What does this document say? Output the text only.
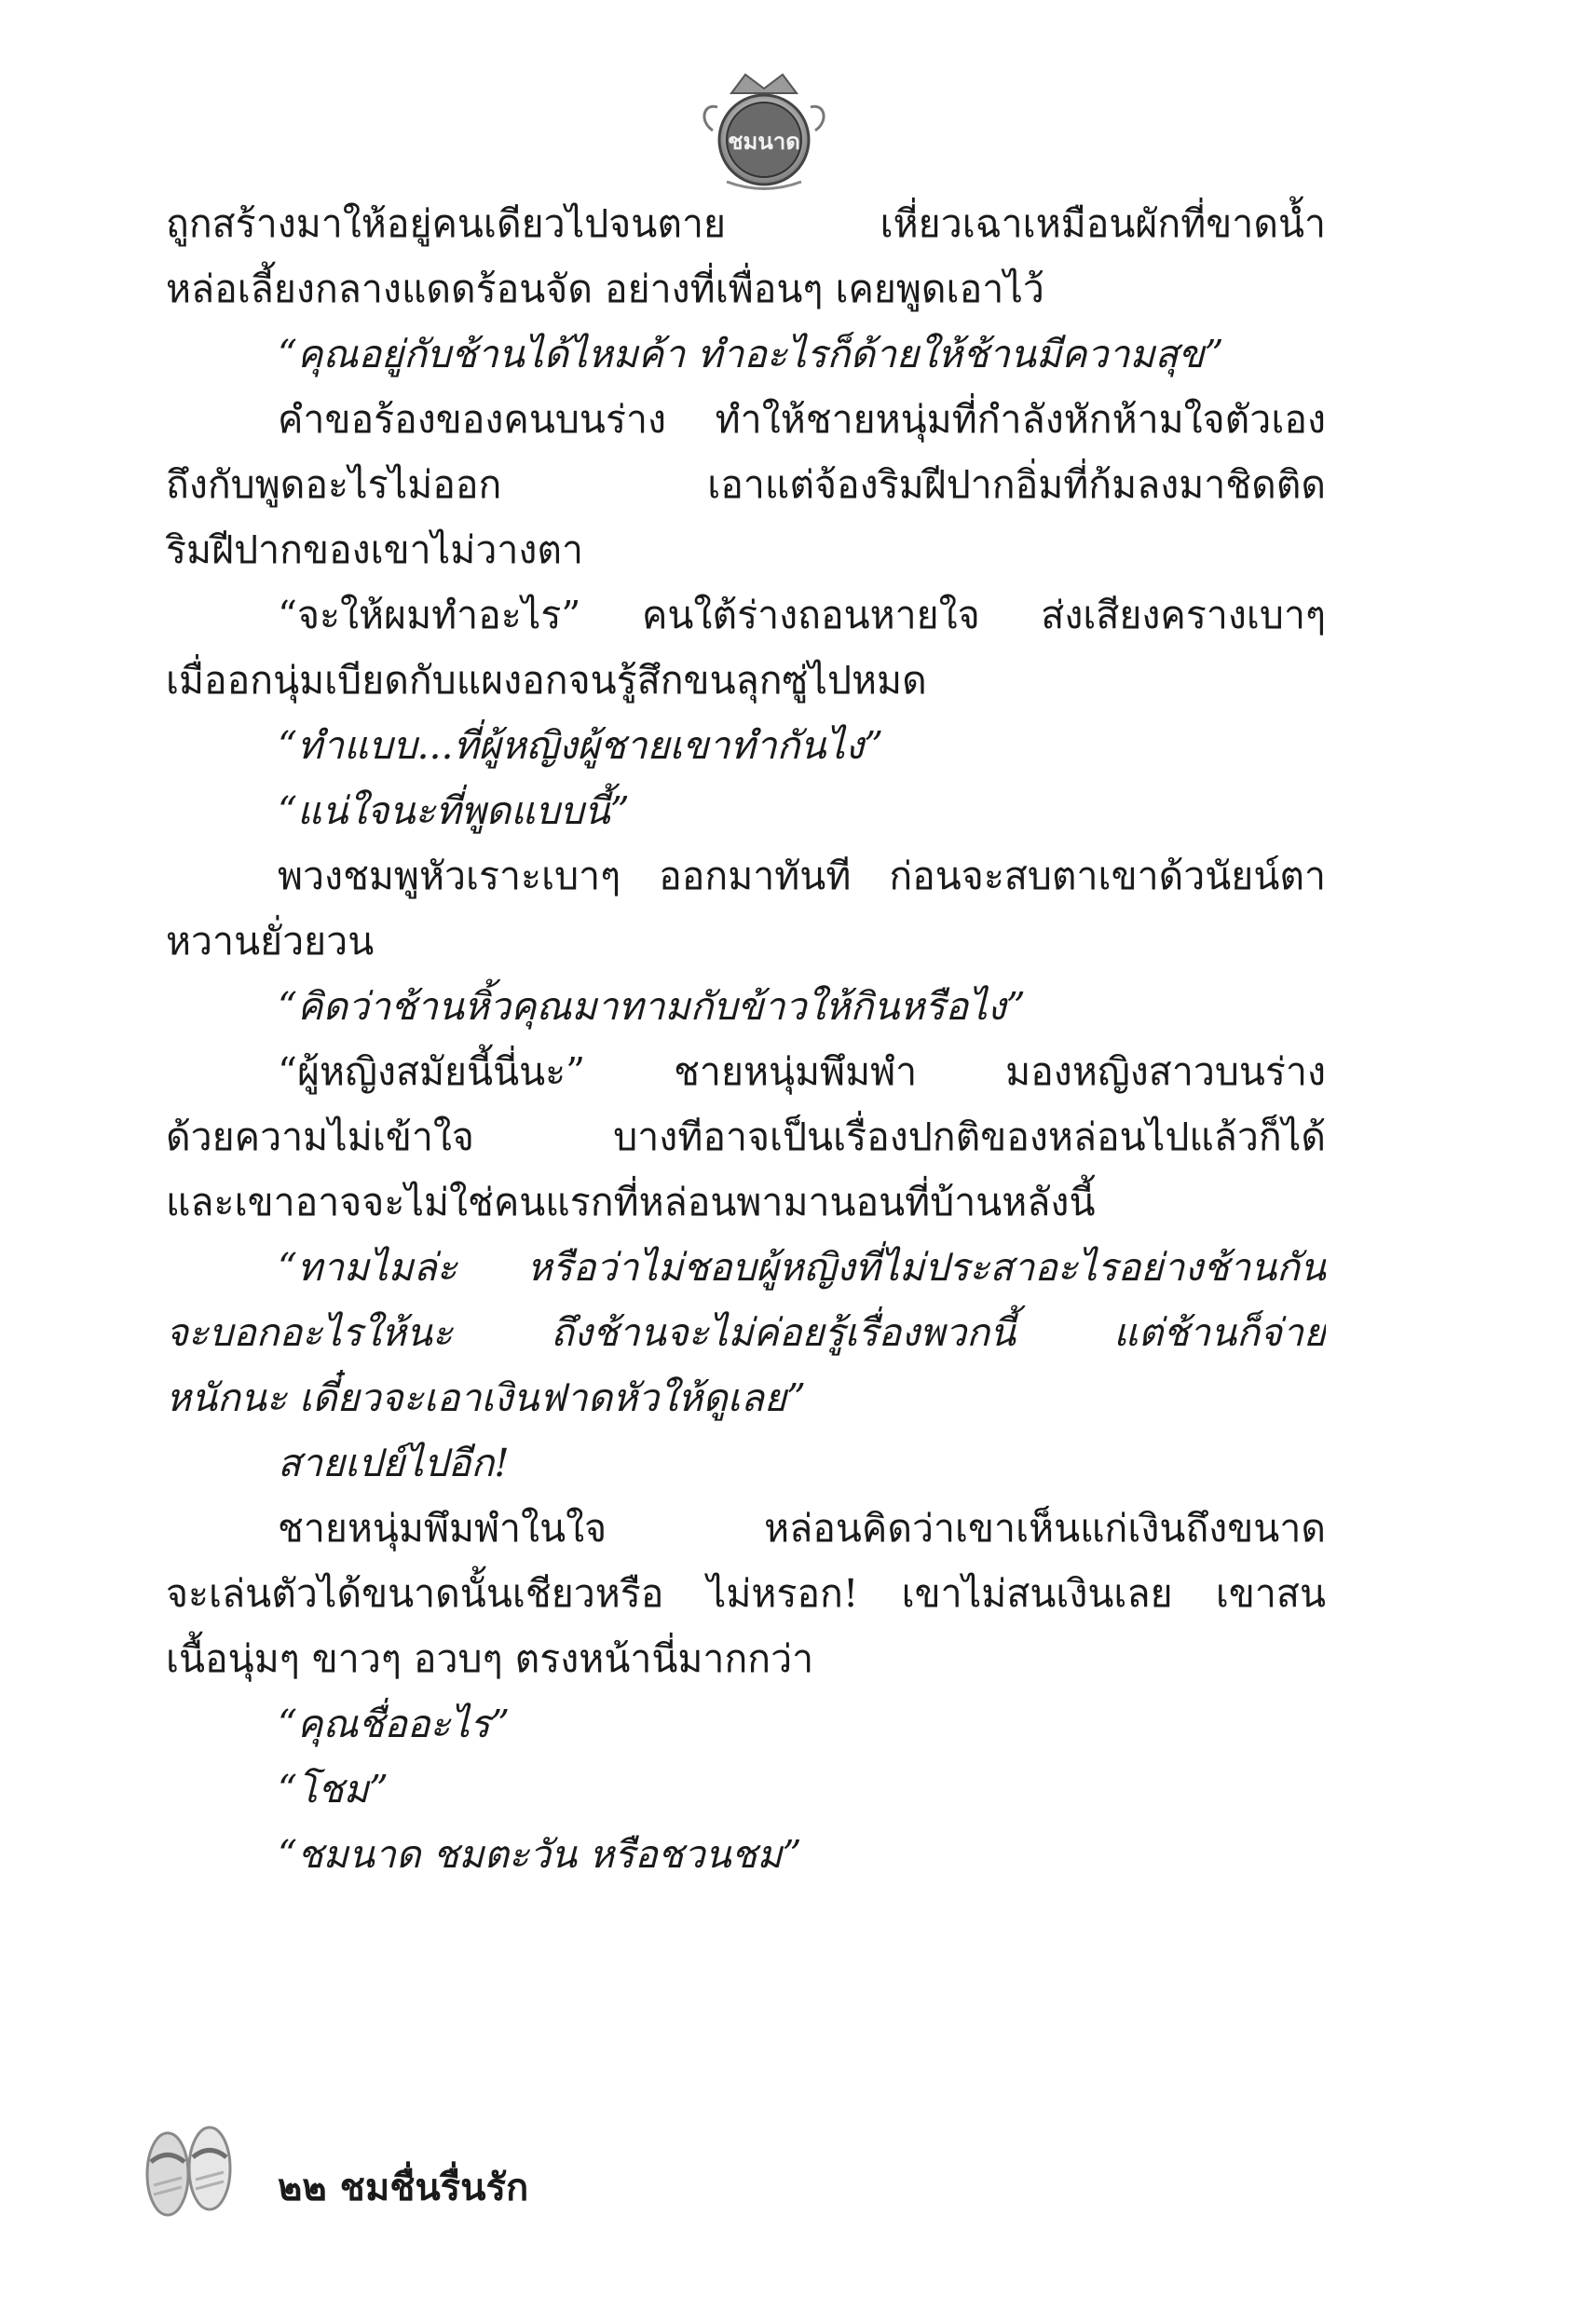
ชมนาด
ถูกสร้างมาให้อยู่คนเดียวไปจนตาย เหี่ยวเฉาเหมือนผักที่ขาดน้ำ
หล่อเลี้ยงกลางแดดร้อนจัด อย่างที่เพื่อนๆ เคยพูดเอาไว้
“คุณอยู่กับช้านได้ไหมค้า ทำอะไรก็ด้ายให้ช้านมีความสุข”
คำขอร้องของคนบนร่าง ทำให้ชายหนุ่มที่กำลังหักห้ามใจตัวเอง
ถึงกับพูดอะไรไม่ออก เอาแต่จ้องริมฝีปากอิ่มที่ก้มลงมาชิดติด
ริมฝีปากของเขาไม่วางตา
“จะให้ผมทำอะไร” คนใต้ร่างถอนหายใจ ส่งเสียงครางเบาๆ
เมื่ออกนุ่มเบียดกับแผงอกจนรู้สึกขนลุกซู่ไปหมด
“ทำแบบ...ที่ผู้หญิงผู้ชายเขาทำกันไง”
“แน่ใจนะที่พูดแบบนี้”
พวงชมพูหัวเราะเบาๆ ออกมาทันที ก่อนจะสบตาเขาด้วนัยน์ตา
หวานยั่วยวน
“คิดว่าช้านหิ้วคุณมาทามกับข้าวให้กินหรือไง”
“ผู้หญิงสมัยนี้นี่นะ” ชายหนุ่มพึมพำ มองหญิงสาวบนร่าง
ด้วยความไม่เข้าใจ บางทีอาจเป็นเรื่องปกติของหล่อนไปแล้วก็ได้
และเขาอาจจะไม่ใช่คนแรกที่หล่อนพามานอนที่บ้านหลังนี้
“ทามไมล่ะ หรือว่าไม่ชอบผู้หญิงที่ไม่ประสาอะไรอย่างช้านกัน
จะบอกอะไรให้นะ ถึงช้านจะไม่ค่อยรู้เรื่องพวกนี้ แต่ช้านก็จ่าย
หนักนะ เดี๋ยวจะเอาเงินฟาดหัวให้ดูเลย”
สายเปย์ไปอีก!
ชายหนุ่มพึมพำในใจ หล่อนคิดว่าเขาเห็นแก่เงินถึงขนาด
จะเล่นตัวได้ขนาดนั้นเชียวหรือ ไม่หรอก! เขาไม่สนเงินเลย เขาสน
เนื้อนุ่มๆ ขาวๆ อวบๆ ตรงหน้านี่มากกว่า
“คุณชื่ออะไร”
“โชม”
“ชมนาด ชมตะวัน หรือชวนชม”
๒๒ ชมชื่นรื่นรัก
